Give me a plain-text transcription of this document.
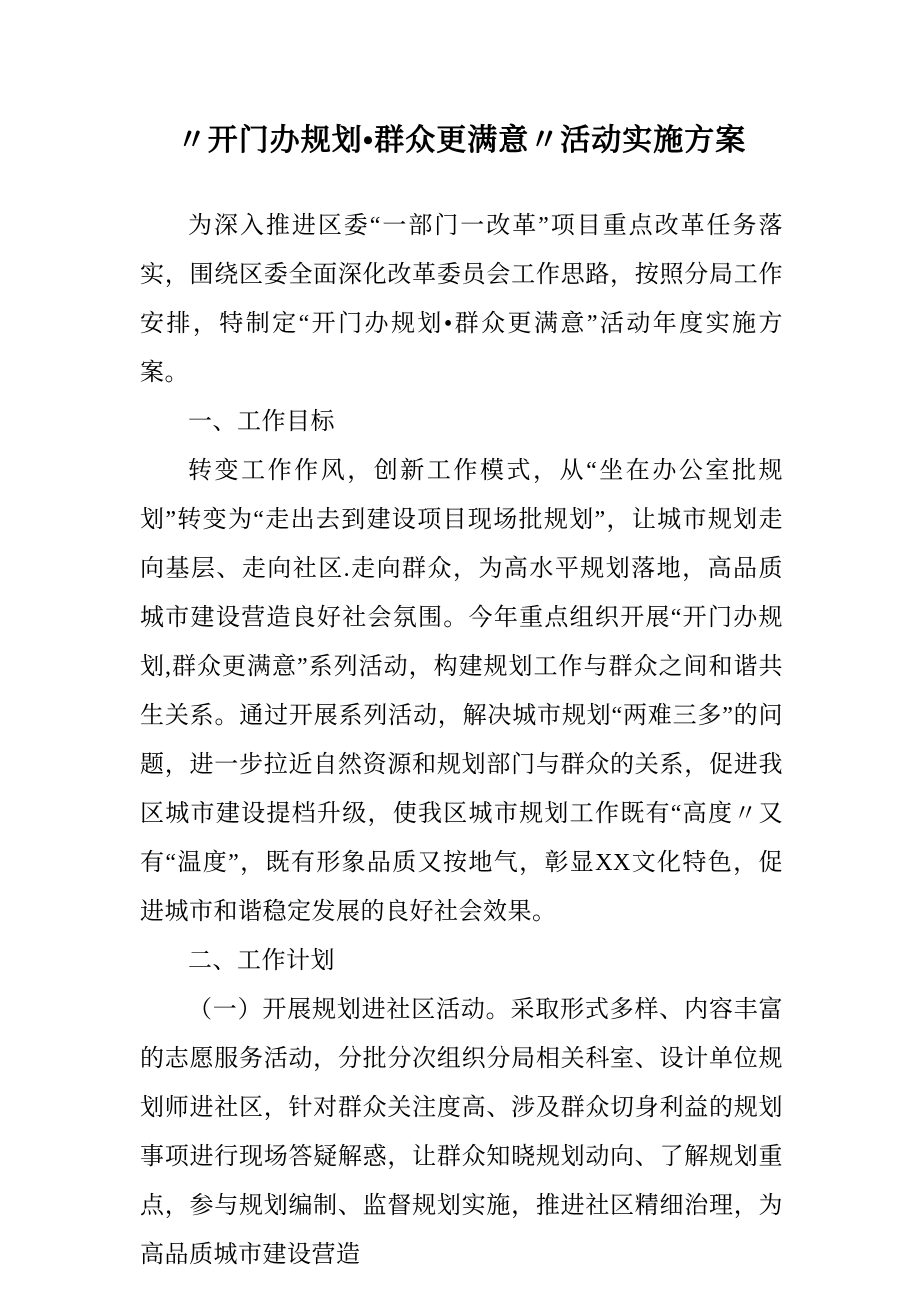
〃开门办规划•群众更满意〃活动实施方案

为深入推进区委“一部门一改革”项目重点改革任务落实，围绕区委全面深化改革委员会工作思路，按照分局工作安排，特制定“开门办规划•群众更满意”活动年度实施方案。

一、工作目标

转变工作作风，创新工作模式，从“坐在办公室批规划”转变为“走出去到建设项目现场批规划”，让城市规划走向基层、走向社区.走向群众，为高水平规划落地，高品质城市建设营造良好社会氛围。今年重点组织开展“开门办规划,群众更满意”系列活动，构建规划工作与群众之间和谐共生关系。通过开展系列活动，解决城市规划“两难三多”的问题，进一步拉近自然资源和规划部门与群众的关系，促进我区城市建设提档升级，使我区城市规划工作既有“高度〃又有“温度”，既有形象品质又按地气，彰显XX文化特色，促进城市和谐稳定发展的良好社会效果。

二、工作计划

（一）开展规划进社区活动。采取形式多样、内容丰富的志愿服务活动，分批分次组织分局相关科室、设计单位规划师进社区，针对群众关注度高、涉及群众切身利益的规划事项进行现场答疑解惑，让群众知晓规划动向、了解规划重点，参与规划编制、监督规划实施，推进社区精细治理，为高品质城市建设营造
